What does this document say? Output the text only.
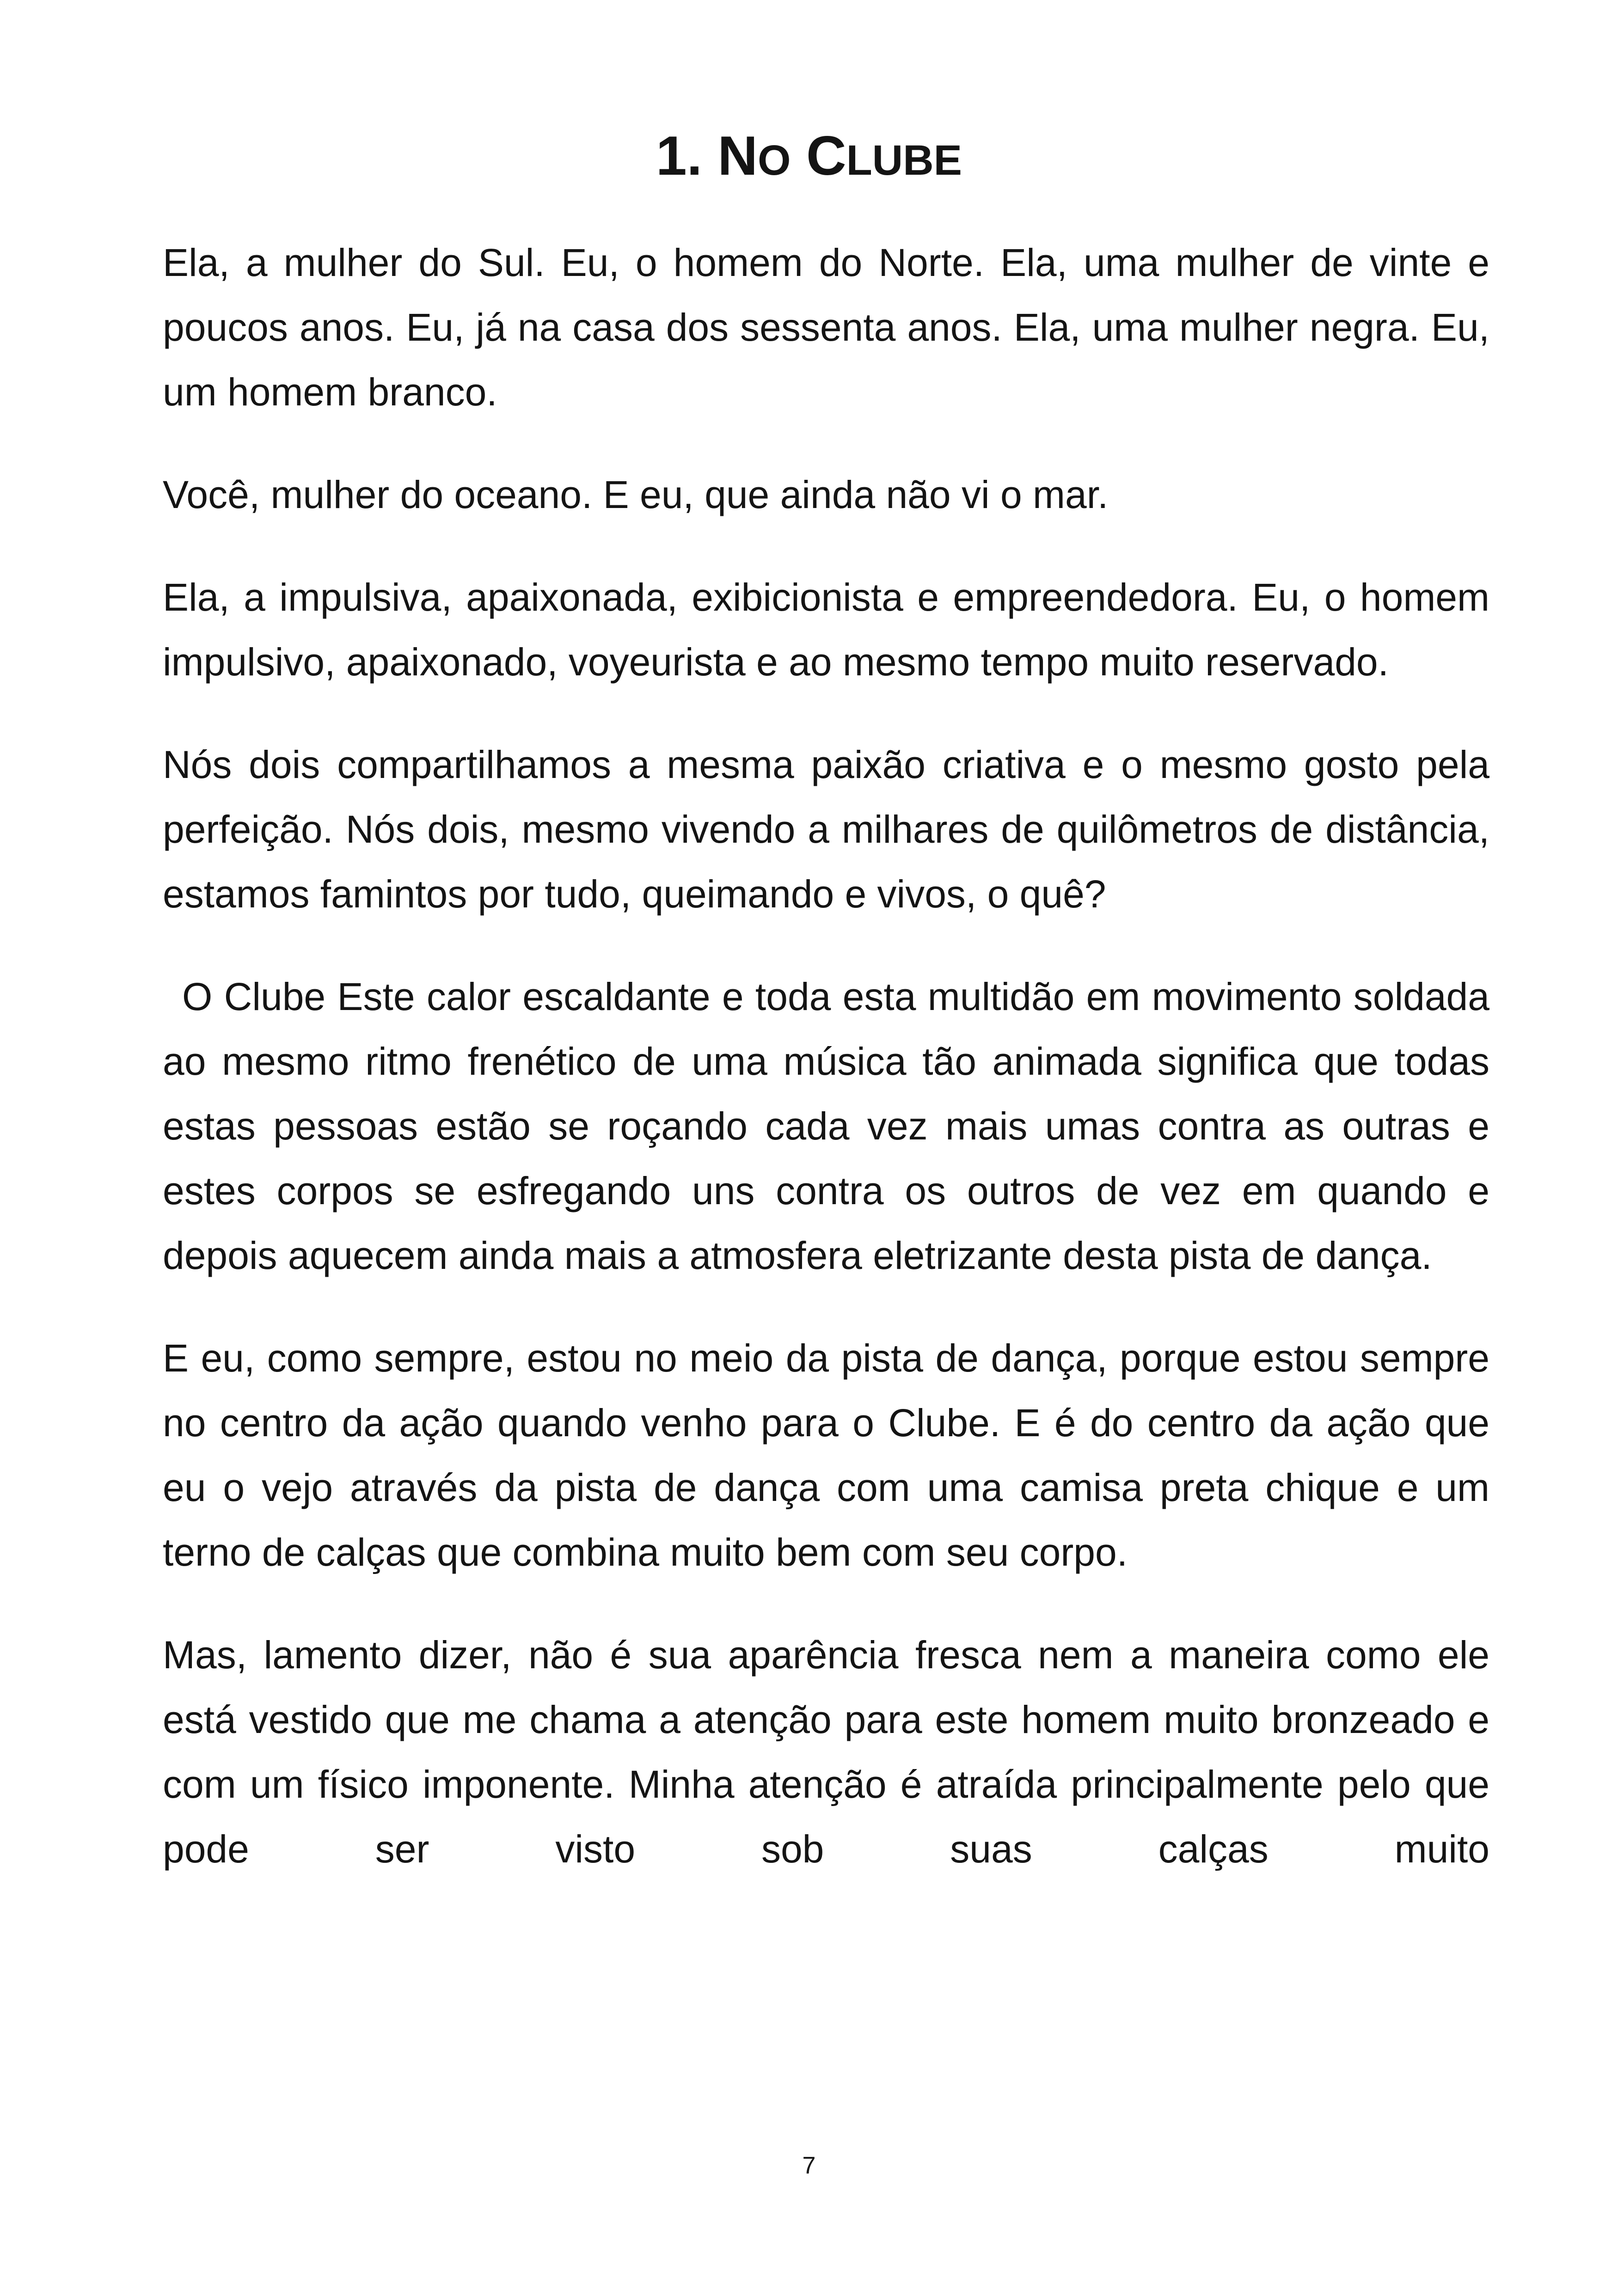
1. NO CLUBE

Ela, a mulher do Sul. Eu, o homem do Norte. Ela, uma mulher de vinte e poucos anos. Eu, já na casa dos sessenta anos. Ela, uma mulher negra. Eu, um homem branco.

Você, mulher do oceano. E eu, que ainda não vi o mar.

Ela, a impulsiva, apaixonada, exibicionista e empreendedora. Eu, o homem impulsivo, apaixonado, voyeurista e ao mesmo tempo muito reservado.

Nós dois compartilhamos a mesma paixão criativa e o mesmo gosto pela perfeição. Nós dois, mesmo vivendo a milhares de quilômetros de distância, estamos famintos por tudo, queimando e vivos, o quê?

O Clube Este calor escaldante e toda esta multidão em movimento soldada ao mesmo ritmo frenético de uma música tão animada significa que todas estas pessoas estão se roçando cada vez mais umas contra as outras e estes corpos se esfregando uns contra os outros de vez em quando e depois aquecem ainda mais a atmosfera eletrizante desta pista de dança.

E eu, como sempre, estou no meio da pista de dança, porque estou sempre no centro da ação quando venho para o Clube. E é do centro da ação que eu o vejo através da pista de dança com uma camisa preta chique e um terno de calças que combina muito bem com seu corpo.

Mas, lamento dizer, não é sua aparência fresca nem a maneira como ele está vestido que me chama a atenção para este homem muito bronzeado e com um físico imponente. Minha atenção é atraída principalmente pelo que pode ser visto sob suas calças muito

7
